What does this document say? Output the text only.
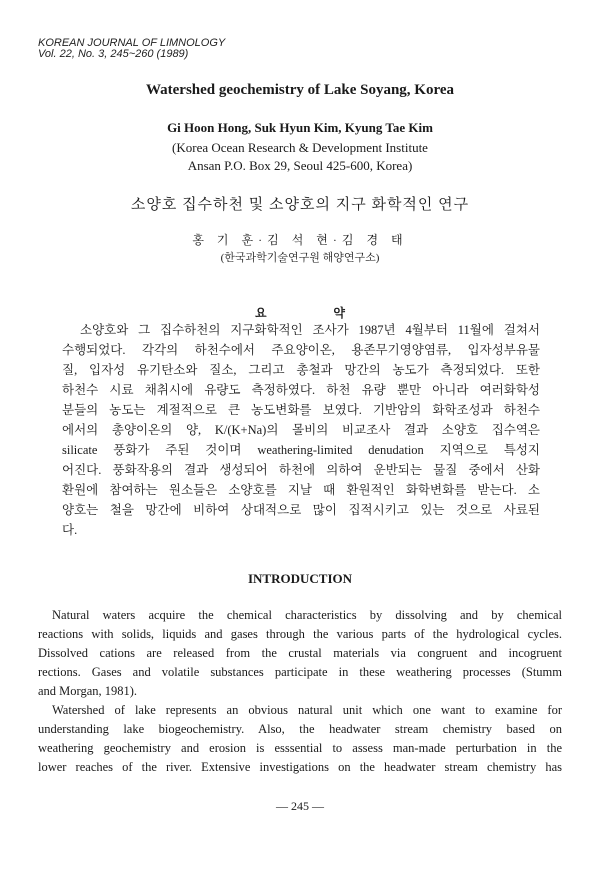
KOREAN JOURNAL OF LIMNOLOGY
Vol. 22, No. 3, 245~260 (1989)
Watershed geochemistry of Lake Soyang, Korea
Gi Hoon Hong, Suk Hyun Kim, Kyung Tae Kim
(Korea Ocean Research & Development Institute
Ansan P.O. Box 29, Seoul 425-600, Korea)
소양호 집수하천 및 소양호의 지구 화학적인 연구
홍 기 훈·김 석 현·김 경 태
(한국과학기술연구원 해양연구소)
요	약
소양호와 그 집수하천의 지구화학적인 조사가 1987년 4월부터 11월에 걸쳐서
수행되었다. 각각의 하천수에서 주요양이온, 용존무기영양염류, 입자성부유물
질, 입자성 유기탄소와 질소, 그리고 총철과 망간의 농도가 측정되었다. 또한
하천수 시료 채취시에 유량도 측정하였다. 하천 유량 뿐만 아니라 여러화학성
분들의 농도는 계절적으로 큰 농도변화를 보였다. 기반암의 화학조성과 하천수
에서의 총양이온의 양, K/(K+Na)의 몰비의 비교조사 결과 소양호 집수역은
silicate 풍화가 주된 것이며 weathering-limited denudation 지역으로 특성지
어진다. 풍화작용의 결과 생성되어 하천에 의하여 운반되는 물질 중에서 산화
환원에 참여하는 원소들은 소양호를 지날 때 환원적인 화학변화를 받는다. 소
양호는 철을 망간에 비하여 상대적으로 많이 집적시키고 있는 것으로 사료된
다.
INTRODUCTION
Natural waters acquire the chemical characteristics by dissolving and by chemical
reactions with solids, liquids and gases through the various parts of the hydrological cycles.
Dissolved cations are released from the crustal materials via congruent and incogruent
rections. Gases and volatile substances participate in these weathering processes (Stumm
and Morgan, 1981).
Watershed of lake represents an obvious natural unit which one want to examine for
understanding lake biogeochemistry. Also, the headwater stream chemistry based on
weathering geochemistry and erosion is esssential to assess man-made perturbation in the
lower reaches of the river. Extensive investigations on the headwater stream chemistry has
— 245 —
